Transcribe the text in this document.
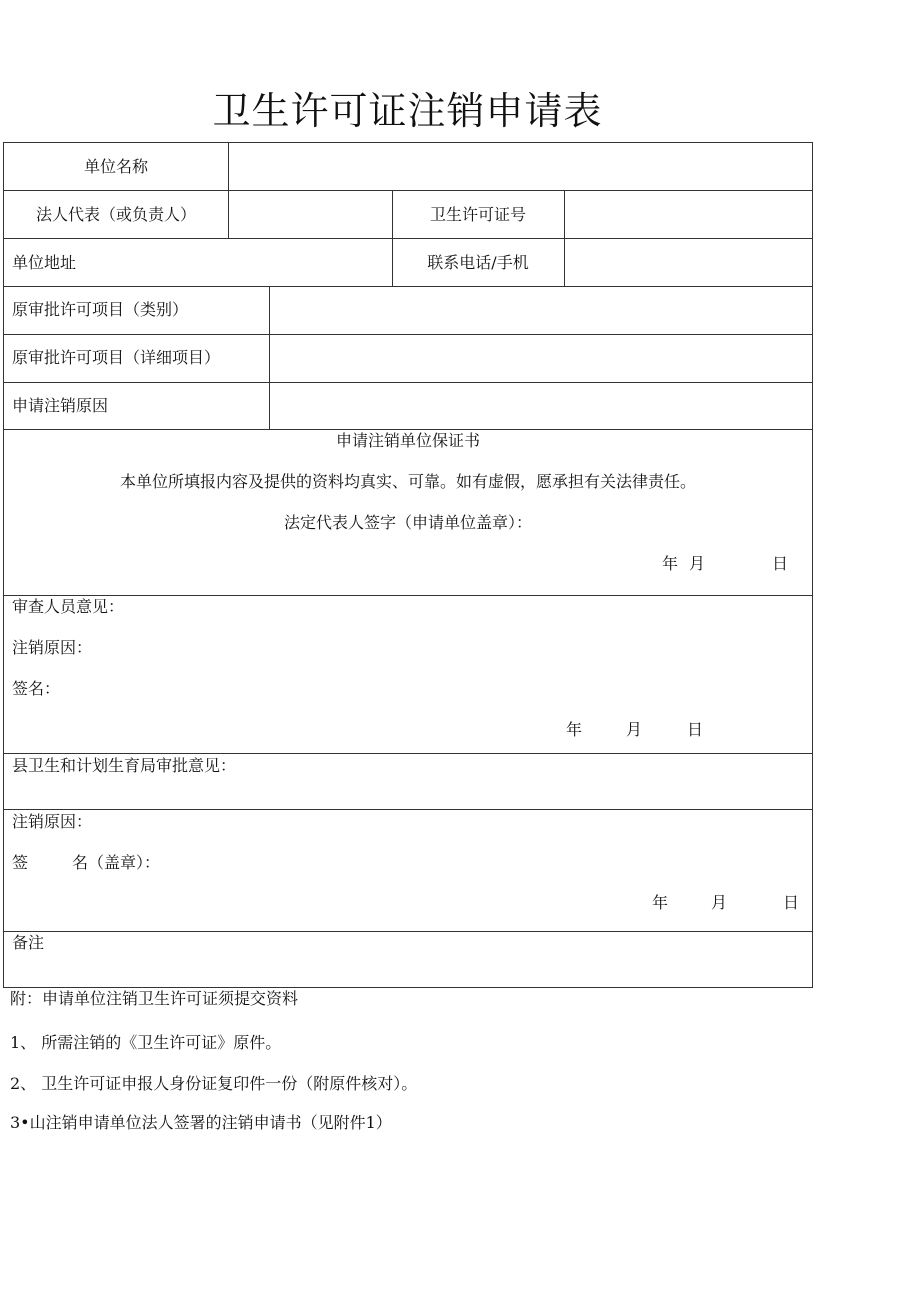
卫生许可证注销申请表
单位名称
法人代表（或负责人）	卫生许可证号
单位地址	联系电话/手机
原审批许可项目（类别）
原审批许可项目（详细项目）
申请注销原因
申请注销单位保证书
本单位所填报内容及提供的资料均真实、可靠。如有虚假，愿承担有关法律责任。
法定代表人签字（申请单位盖章）：
年 月	日
审查人员意见：
注销原因：
签名：
年	月	日
县卫生和计划生育局审批意见：
注销原因：
签	名（盖章）：
年	月	日
备注
附：申请单位注销卫生许可证须提交资料
1、 所需注销的《卫生许可证》原件。
2、 卫生许可证申报人身份证复印件一份（附原件核对）。
3•山注销申请单位法人签署的注销申请书（见附件1）
